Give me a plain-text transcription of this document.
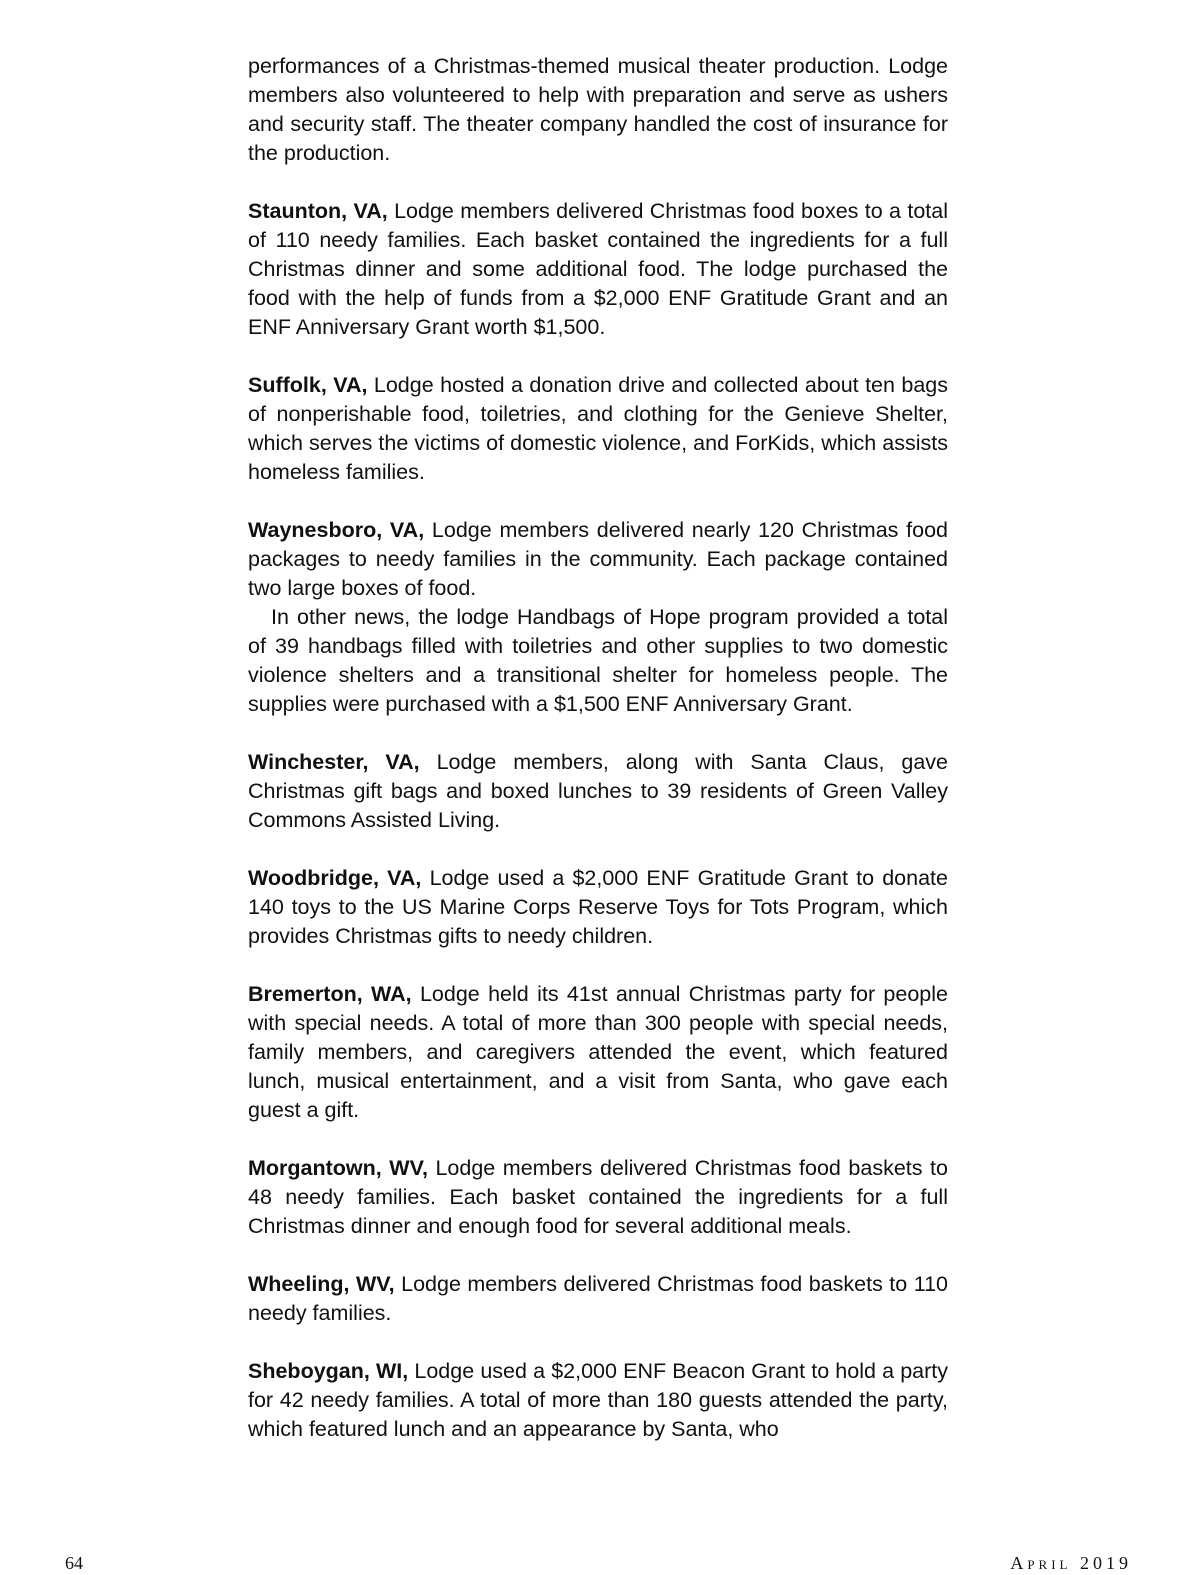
performances of a Christmas-themed musical theater production. Lodge members also volunteered to help with preparation and serve as ushers and security staff. The theater company handled the cost of insurance for the production.

Staunton, VA, Lodge members delivered Christmas food boxes to a total of 110 needy families. Each basket contained the ingredients for a full Christmas dinner and some additional food. The lodge purchased the food with the help of funds from a $2,000 ENF Gratitude Grant and an ENF Anniversary Grant worth $1,500.

Suffolk, VA, Lodge hosted a donation drive and collected about ten bags of nonperishable food, toiletries, and clothing for the Genieve Shelter, which serves the victims of domestic violence, and ForKids, which assists homeless families.

Waynesboro, VA, Lodge members delivered nearly 120 Christmas food packages to needy families in the community. Each package contained two large boxes of food.

In other news, the lodge Handbags of Hope program provided a total of 39 handbags filled with toiletries and other supplies to two domestic violence shelters and a transitional shelter for homeless people. The supplies were purchased with a $1,500 ENF Anniversary Grant.

Winchester, VA, Lodge members, along with Santa Claus, gave Christmas gift bags and boxed lunches to 39 residents of Green Valley Commons Assisted Living.

Woodbridge, VA, Lodge used a $2,000 ENF Gratitude Grant to donate 140 toys to the US Marine Corps Reserve Toys for Tots Program, which provides Christmas gifts to needy children.

Bremerton, WA, Lodge held its 41st annual Christmas party for people with special needs. A total of more than 300 people with special needs, family members, and caregivers attended the event, which featured lunch, musical entertainment, and a visit from Santa, who gave each guest a gift.

Morgantown, WV, Lodge members delivered Christmas food baskets to 48 needy families. Each basket contained the ingredients for a full Christmas dinner and enough food for several additional meals.

Wheeling, WV, Lodge members delivered Christmas food baskets to 110 needy families.

Sheboygan, WI, Lodge used a $2,000 ENF Beacon Grant to hold a party for 42 needy families. A total of more than 180 guests attended the party, which featured lunch and an appearance by Santa, who

64	April 2019
